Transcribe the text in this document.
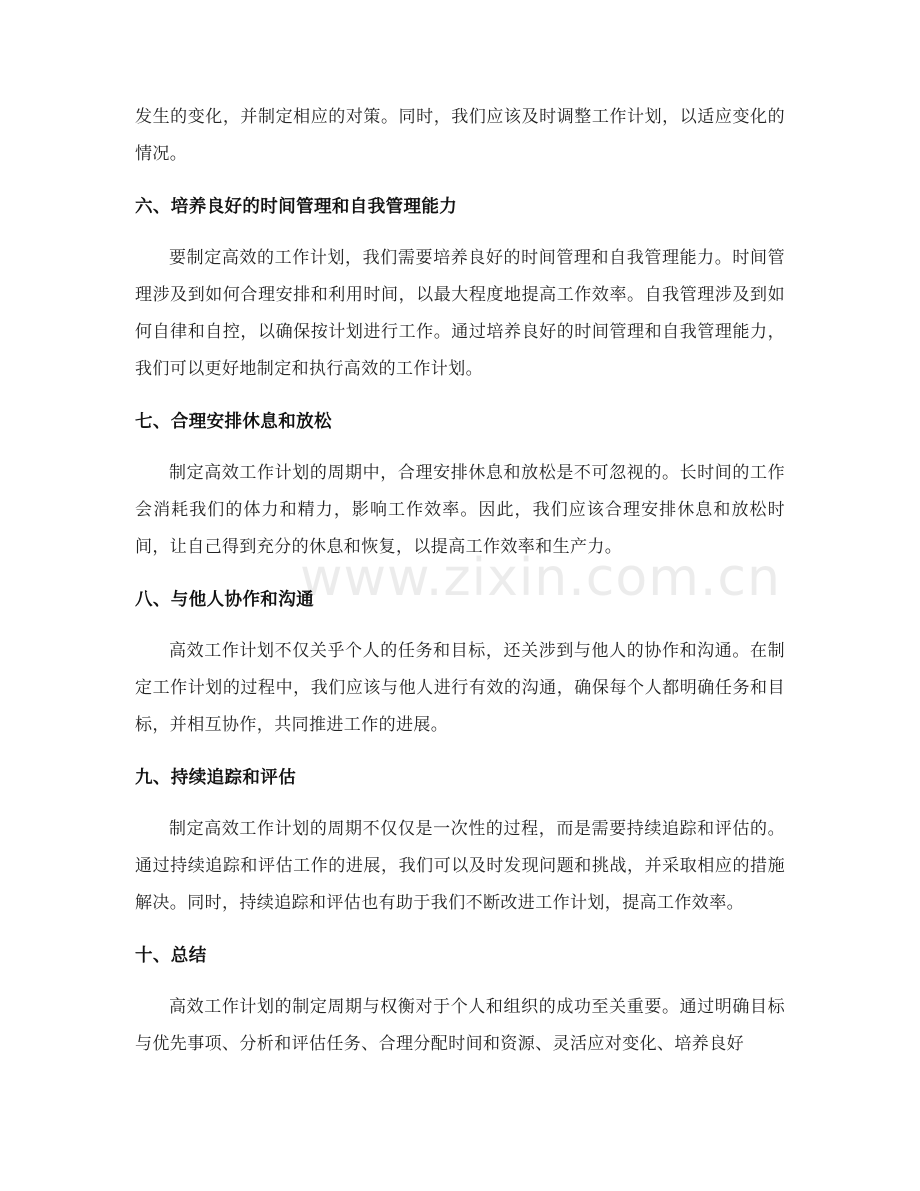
www.zixin.com.cn

发生的变化，并制定相应的对策。同时，我们应该及时调整工作计划，以适应变化的情况。

六、培养良好的时间管理和自我管理能力

要制定高效的工作计划，我们需要培养良好的时间管理和自我管理能力。时间管理涉及到如何合理安排和利用时间，以最大程度地提高工作效率。自我管理涉及到如何自律和自控，以确保按计划进行工作。通过培养良好的时间管理和自我管理能力，我们可以更好地制定和执行高效的工作计划。

七、合理安排休息和放松

制定高效工作计划的周期中，合理安排休息和放松是不可忽视的。长时间的工作会消耗我们的体力和精力，影响工作效率。因此，我们应该合理安排休息和放松时间，让自己得到充分的休息和恢复，以提高工作效率和生产力。

八、与他人协作和沟通

高效工作计划不仅关乎个人的任务和目标，还关涉到与他人的协作和沟通。在制定工作计划的过程中，我们应该与他人进行有效的沟通，确保每个人都明确任务和目标，并相互协作，共同推进工作的进展。

九、持续追踪和评估

制定高效工作计划的周期不仅仅是一次性的过程，而是需要持续追踪和评估的。通过持续追踪和评估工作的进展，我们可以及时发现问题和挑战，并采取相应的措施解决。同时，持续追踪和评估也有助于我们不断改进工作计划，提高工作效率。

十、总结

高效工作计划的制定周期与权衡对于个人和组织的成功至关重要。通过明确目标与优先事项、分析和评估任务、合理分配时间和资源、灵活应对变化、培养良好
